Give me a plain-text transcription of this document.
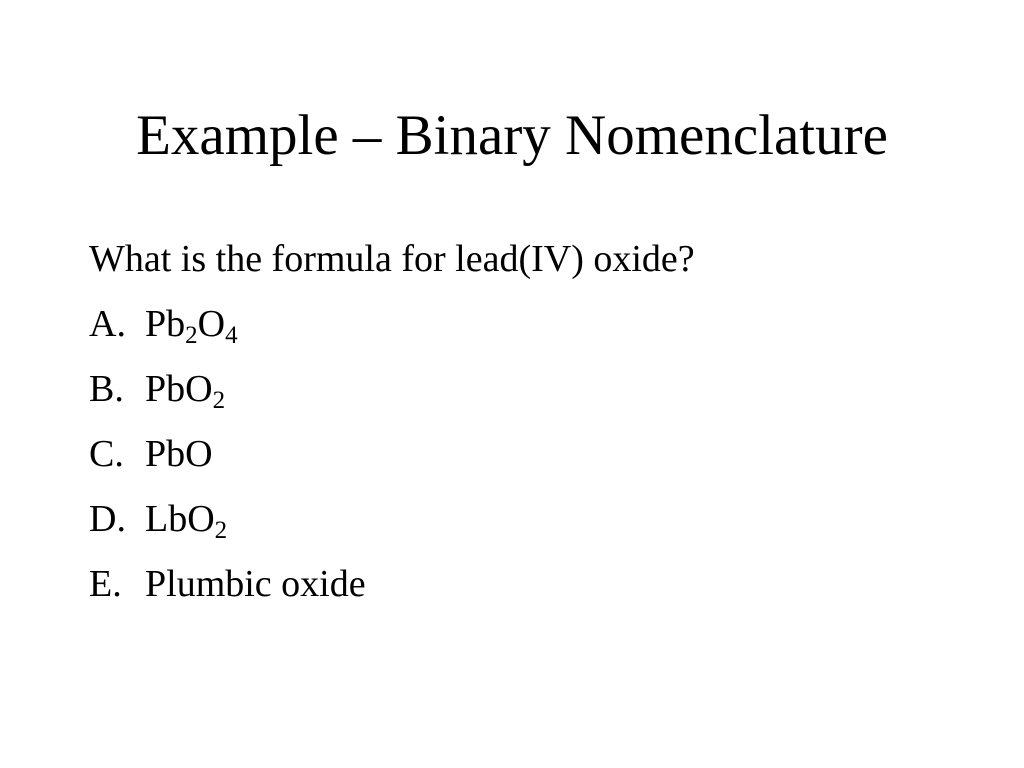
Example – Binary Nomenclature
What is the formula for lead(IV) oxide?
A. $Pb_2O_4$
B. PbO$_2$
C. PbO
D. LbO$_2$
E. Plumbic oxide
